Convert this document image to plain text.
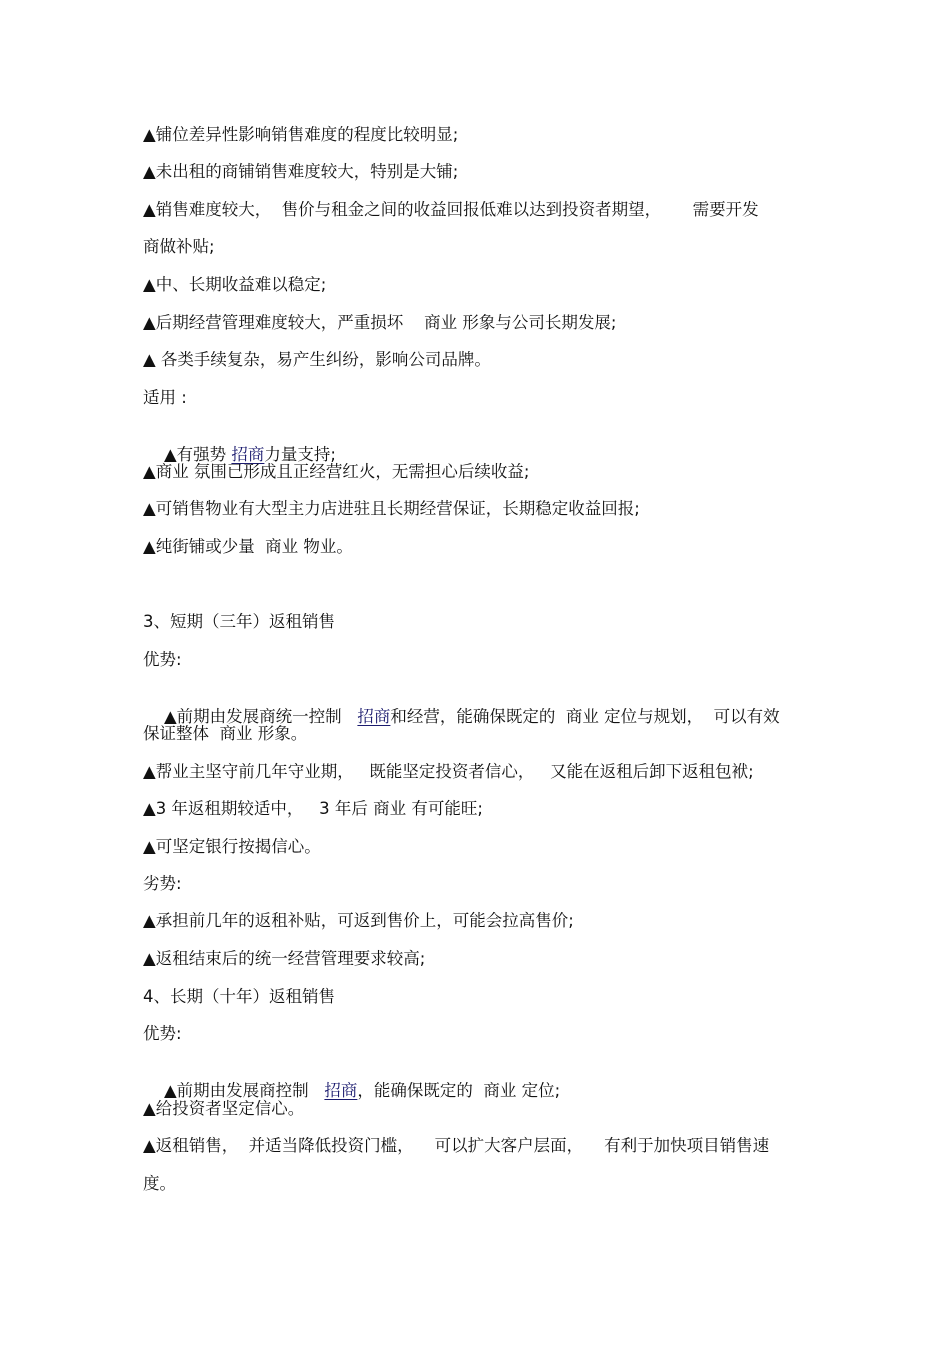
▲铺位差异性影响销售难度的程度比较明显;
▲未出租的商铺销售难度较大，特别是大铺;
▲销售难度较大，  售价与租金之间的收益回报低难以达到投资者期望，      需要开发
商做补贴;
▲中、长期收益难以稳定;
▲后期经营管理难度较大，严重损坏    商业 形象与公司长期发展;
▲ 各类手续复杂，易产生纠纷，影响公司品牌。
适用 :

▲有强势 招商力量支持;

▲商业 氛围已形成且正经营红火，无需担心后续收益;
▲可销售物业有大型主力店进驻且长期经营保证，长期稳定收益回报;
▲纯街铺或少量  商业 物业。
3、短期（三年）返租销售
优势:

▲前期由发展商统一控制   招商和经营，能确保既定的  商业 定位与规划，  可以有效

保证整体  商业 形象。
▲帮业主坚守前几年守业期，   既能坚定投资者信心，   又能在返租后卸下返租包袱;
▲3 年返租期较适中，   3 年后 商业 有可能旺;
▲可坚定银行按揭信心。
劣势:
▲承担前几年的返租补贴，可返到售价上，可能会拉高售价;
▲返租结束后的统一经营管理要求较高;
4、长期（十年）返租销售
优势:

▲前期由发展商控制   招商，能确保既定的  商业 定位;

▲给投资者坚定信心。
▲返租销售，  并适当降低投资门槛，    可以扩大客户层面，    有利于加快项目销售速
度。
